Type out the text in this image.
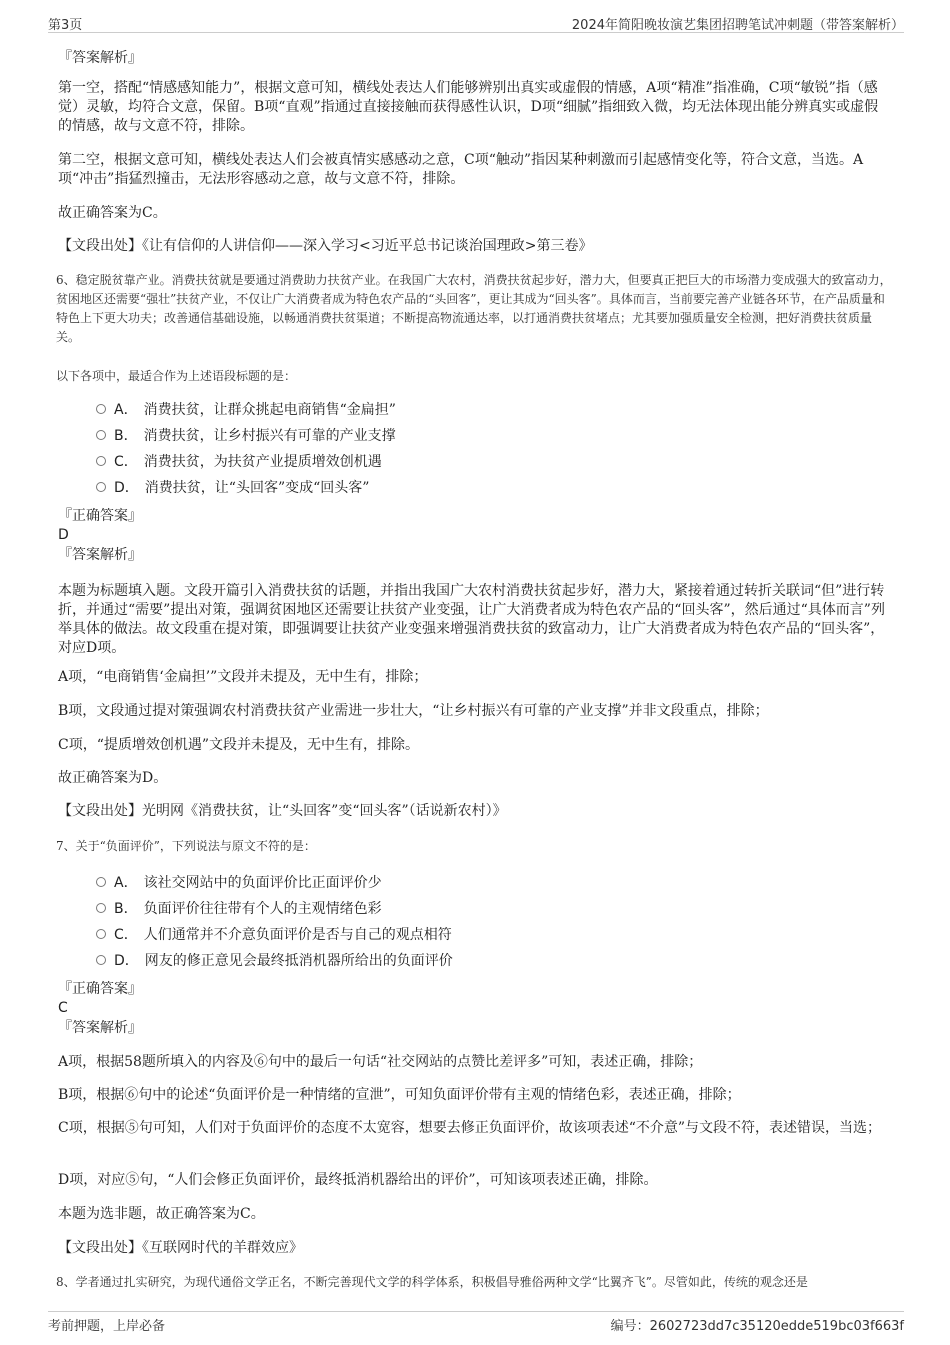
第3页	2024年简阳晚妆演艺集团招聘笔试冲刺题（带答案解析）
『答案解析』
第一空，搭配“情感感知能力”，根据文意可知，横线处表达人们能够辨别出真实或虚假的情感，A项“精准”指准确，C项“敏锐”指（感觉）灵敏，均符合文意，保留。B项“直观”指通过直接接触而获得感性认识，D项“细腻”指细致入微，均无法体现出能分辨真实或虚假的情感，故与文意不符，排除。
第二空，根据文意可知，横线处表达人们会被真情实感感动之意，C项“触动”指因某种刺激而引起感情变化等，符合文意，当选。A项“冲击”指猛烈撞击，无法形容感动之意，故与文意不符，排除。
故正确答案为C。
【文段出处】《让有信仰的人讲信仰——深入学习<习近平总书记谈治国理政>第三卷》
6、稳定脱贫靠产业。消费扶贫就是要通过消费助力扶贫产业。在我国广大农村，消费扶贫起步好，潜力大，但要真正把巨大的市场潜力变成强大的致富动力，贫困地区还需要“强壮”扶贫产业，不仅让广大消费者成为特色农产品的“头回客”，更让其成为“回头客”。具体而言，当前要完善产业链各环节，在产品质量和特色上下更大功夫；改善通信基础设施，以畅通消费扶贫渠道；不断提高物流通达率，以打通消费扶贫堵点；尤其要加强质量安全检测，把好消费扶贫质量关。
以下各项中，最适合作为上述语段标题的是：
A． 消费扶贫，让群众挑起电商销售“金扁担”
B． 消费扶贫，让乡村振兴有可靠的产业支撑
C． 消费扶贫，为扶贫产业提质增效创机遇
D． 消费扶贫，让“头回客”变成“回头客”
『正确答案』
D
『答案解析』
本题为标题填入题。文段开篇引入消费扶贫的话题，并指出我国广大农村消费扶贫起步好，潜力大，紧接着通过转折关联词“但”进行转折，并通过“需要”提出对策，强调贫困地区还需要让扶贫产业变强，让广大消费者成为特色农产品的“回头客”，然后通过“具体而言”列举具体的做法。故文段重在提对策，即强调要让扶贫产业变强来增强消费扶贫的致富动力，让广大消费者成为特色农产品的“回头客”，对应D项。
A项，“电商销售‘金扁担’”文段并未提及，无中生有，排除；
B项，文段通过提对策强调农村消费扶贫产业需进一步壮大，“让乡村振兴有可靠的产业支撑”并非文段重点，排除；
C项，“提质增效创机遇”文段并未提及，无中生有，排除。
故正确答案为D。
【文段出处】光明网《消费扶贫，让“头回客”变“回头客”（话说新农村）》
7、关于“负面评价”，下列说法与原文不符的是：
A． 该社交网站中的负面评价比正面评价少
B． 负面评价往往带有个人的主观情绪色彩
C． 人们通常并不介意负面评价是否与自己的观点相符
D． 网友的修正意见会最终抵消机器所给出的负面评价
『正确答案』
C
『答案解析』
A项，根据58题所填入的内容及⑥句中的最后一句话“社交网站的点赞比差评多”可知，表述正确，排除；
B项，根据⑥句中的论述“负面评价是一种情绪的宣泄”，可知负面评价带有主观的情绪色彩，表述正确，排除；
C项，根据⑤句可知，人们对于负面评价的态度不太宽容，想要去修正负面评价，故该项表述“不介意”与文段不符，表述错误，当选；
D项，对应⑤句，“人们会修正负面评价，最终抵消机器给出的评价”，可知该项表述正确，排除。
本题为选非题，故正确答案为C。
【文段出处】《互联网时代的羊群效应》
8、学者通过扎实研究，为现代通俗文学正名，不断完善现代文学的科学体系，积极倡导雅俗两种文学“比翼齐飞”。尽管如此，传统的观念还是
考前押题，上岸必备	编号：2602723dd7c35120edde519bc03f663f
